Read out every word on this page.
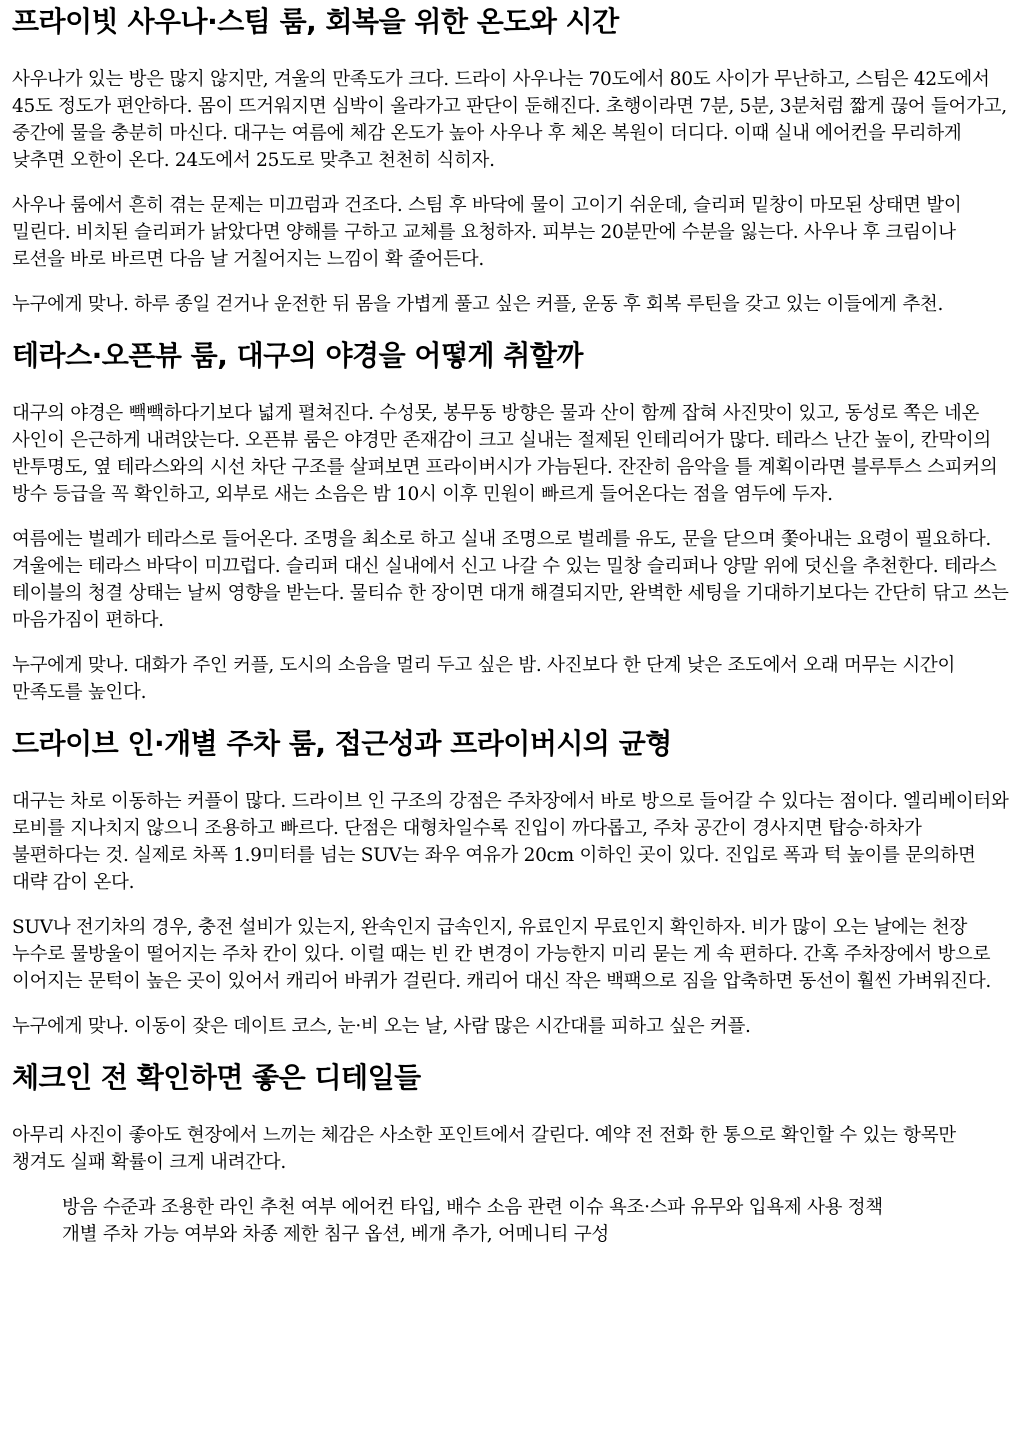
프라이빗 사우나·스팀 룸, 회복을 위한 온도와 시간

사우나가 있는 방은 많지 않지만, 겨울의 만족도가 크다. 드라이 사우나는 70도에서 80도 사이가 무난하고, 스팀은 42도에서 45도 정도가 편안하다. 몸이 뜨거워지면 심박이 올라가고 판단이 둔해진다. 초행이라면 7분, 5분, 3분처럼 짧게 끊어 들어가고, 중간에 물을 충분히 마신다. 대구는 여름에 체감 온도가 높아 사우나 후 체온 복원이 더디다. 이때 실내 에어컨을 무리하게 낮추면 오한이 온다. 24도에서 25도로 맞추고 천천히 식히자.

사우나 룸에서 흔히 겪는 문제는 미끄럼과 건조다. 스팀 후 바닥에 물이 고이기 쉬운데, 슬리퍼 밑창이 마모된 상태면 발이 밀린다. 비치된 슬리퍼가 낡았다면 양해를 구하고 교체를 요청하자. 피부는 20분만에 수분을 잃는다. 사우나 후 크림이나 로션을 바로 바르면 다음 날 거칠어지는 느낌이 확 줄어든다.

누구에게 맞나. 하루 종일 걷거나 운전한 뒤 몸을 가볍게 풀고 싶은 커플, 운동 후 회복 루틴을 갖고 있는 이들에게 추천.

테라스·오픈뷰 룸, 대구의 야경을 어떻게 취할까

대구의 야경은 빽빽하다기보다 넓게 펼쳐진다. 수성못, 봉무동 방향은 물과 산이 함께 잡혀 사진맛이 있고, 동성로 쪽은 네온 사인이 은근하게 내려앉는다. 오픈뷰 룸은 야경만 존재감이 크고 실내는 절제된 인테리어가 많다. 테라스 난간 높이, 칸막이의 반투명도, 옆 테라스와의 시선 차단 구조를 살펴보면 프라이버시가 가늠된다. 잔잔히 음악을 틀 계획이라면 블루투스 스피커의 방수 등급을 꼭 확인하고, 외부로 새는 소음은 밤 10시 이후 민원이 빠르게 들어온다는 점을 염두에 두자.

여름에는 벌레가 테라스로 들어온다. 조명을 최소로 하고 실내 조명으로 벌레를 유도, 문을 닫으며 쫓아내는 요령이 필요하다. 겨울에는 테라스 바닥이 미끄럽다. 슬리퍼 대신 실내에서 신고 나갈 수 있는 밀창 슬리퍼나 양말 위에 덧신을 추천한다. 테라스 테이블의 청결 상태는 날씨 영향을 받는다. 물티슈 한 장이면 대개 해결되지만, 완벽한 세팅을 기대하기보다는 간단히 닦고 쓰는 마음가짐이 편하다.

누구에게 맞나. 대화가 주인 커플, 도시의 소음을 멀리 두고 싶은 밤. 사진보다 한 단계 낮은 조도에서 오래 머무는 시간이 만족도를 높인다.

드라이브 인·개별 주차 룸, 접근성과 프라이버시의 균형

대구는 차로 이동하는 커플이 많다. 드라이브 인 구조의 강점은 주차장에서 바로 방으로 들어갈 수 있다는 점이다. 엘리베이터와 로비를 지나치지 않으니 조용하고 빠르다. 단점은 대형차일수록 진입이 까다롭고, 주차 공간이 경사지면 탑승·하차가 불편하다는 것. 실제로 차폭 1.9미터를 넘는 SUV는 좌우 여유가 20cm 이하인 곳이 있다. 진입로 폭과 턱 높이를 문의하면 대략 감이 온다.

SUV나 전기차의 경우, 충전 설비가 있는지, 완속인지 급속인지, 유료인지 무료인지 확인하자. 비가 많이 오는 날에는 천장 누수로 물방울이 떨어지는 주차 칸이 있다. 이럴 때는 빈 칸 변경이 가능한지 미리 묻는 게 속 편하다. 간혹 주차장에서 방으로 이어지는 문턱이 높은 곳이 있어서 캐리어 바퀴가 걸린다. 캐리어 대신 작은 백팩으로 짐을 압축하면 동선이 훨씬 가벼워진다.

누구에게 맞나. 이동이 잦은 데이트 코스, 눈·비 오는 날, 사람 많은 시간대를 피하고 싶은 커플.

체크인 전 확인하면 좋은 디테일들

아무리 사진이 좋아도 현장에서 느끼는 체감은 사소한 포인트에서 갈린다. 예약 전 전화 한 통으로 확인할 수 있는 항목만 챙겨도 실패 확률이 크게 내려간다.

방음 수준과 조용한 라인 추천 여부 에어컨 타입, 배수 소음 관련 이슈 욕조·스파 유무와 입욕제 사용 정책
개별 주차 가능 여부와 차종 제한 침구 옵션, 베개 추가, 어메니티 구성
